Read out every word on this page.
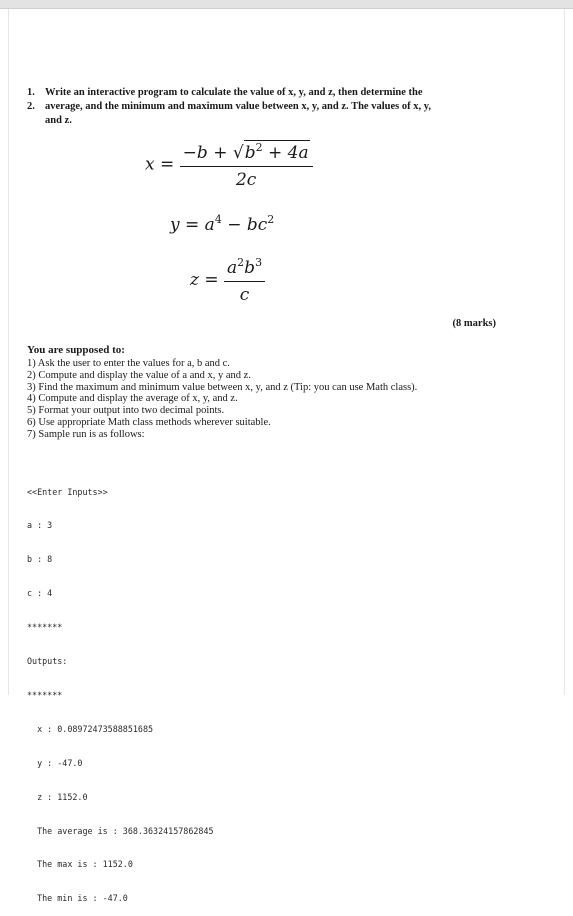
1. Write an interactive program to calculate the value of x, y, and z, then determine the
2. average, and the minimum and maximum value between x, y, and z. The values of x, y,
and z.
$x = \frac{-b + √b^2 + 4a}{2c}$
$y = a^4 - bc^2$
$z = \frac{a^2b^3}{c}$
(8 marks)
You are supposed to:
1) Ask the user to enter the values for a, b and c.
2) Compute and display the value of a and x, y and z.
3) Find the maximum and minimum value between x, y, and z (Tip: you can use Math class).
4) Compute and display the average of x, y, and z.
5) Format your output into two decimal points.
6) Use appropriate Math class methods wherever suitable.
7) Sample run is as follows:

<<Enter Inputs>>

a : 3

b : 8

c : 4

*******

Outputs:

*******

x : 0.08972473588851685

y : -47.0

z : 1152.0

The average is : 368.36324157862845

The max is : 1152.0

The min is : -47.0
